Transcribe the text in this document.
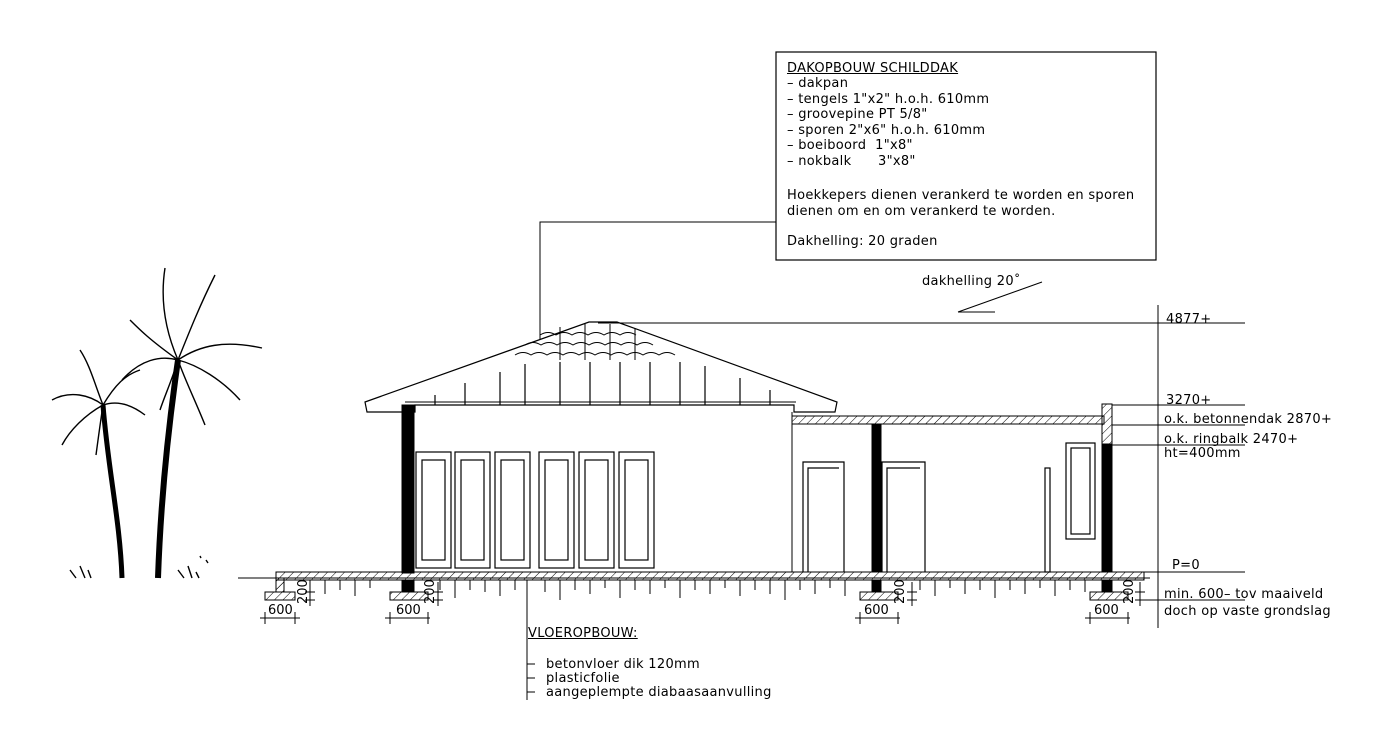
DAKOPBOUW SCHILDDAK
– dakpan
– tengels 1"x2" h.o.h. 610mm
– groovepine PT 5/8"
– sporen 2"x6" h.o.h. 610mm
– boeiboord  1"x8"
– nokbalk      3"x8"
Hoekkepers dienen verankerd te worden en sporen
dienen om en om verankerd te worden.
Dakhelling: 20 graden
dakhelling 20˚
4877+
3270+
o.k. betonnendak 2870+
o.k. ringbalk 2470+
ht=400mm
P=0
min. 600– tov maaiveld
doch op vaste grondslag
VLOEROPBOUW:
betonvloer dik 120mm
plasticfolie
aangeplempte diabaasaanvulling
600
200
600
200
600
200
600
200
